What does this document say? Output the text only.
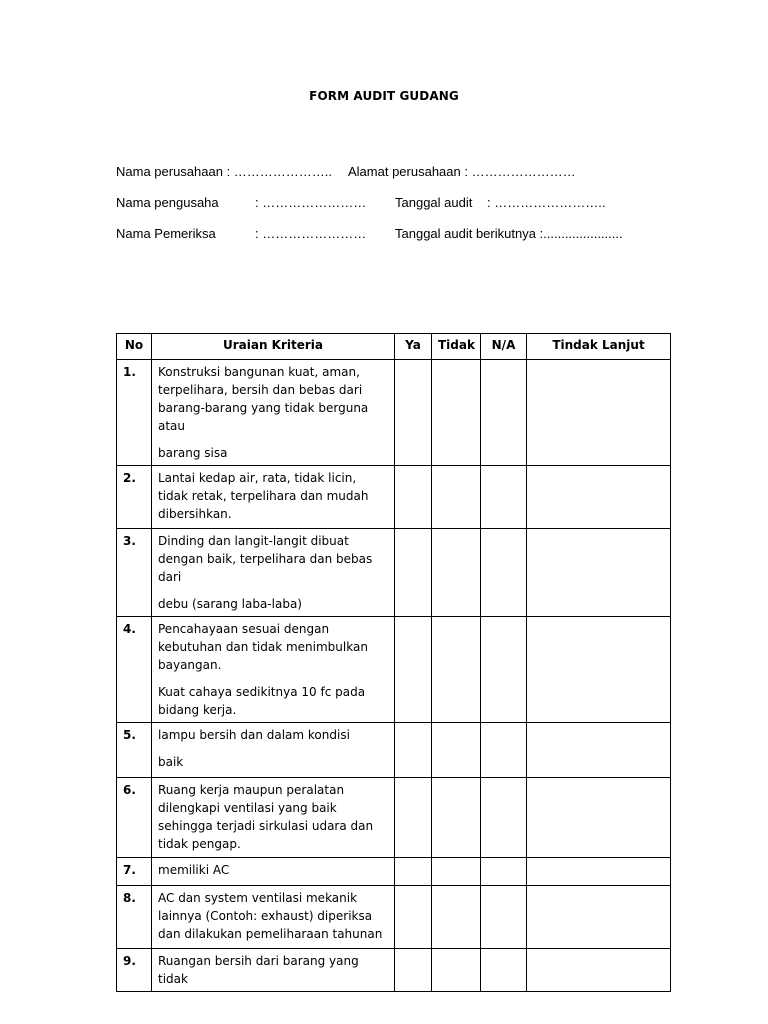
FORM AUDIT GUDANG
Nama perusahaan : ………………….. Alamat perusahaan : ……………………
Nama pengusaha	: …………………… Tanggal audit : ……………………..
Nama Pemeriksa	: …………………… Tanggal audit berikutnya :......................
No	Uraian Kriteria	Ya	Tidak	N/A	Tindak Lanjut
1.	Konstruksi bangunan kuat, aman, terpelihara, bersih dan bebas dari barang-barang yang tidak berguna atau

barang sisa				

2.	Lantai kedap air, rata, tidak licin, tidak retak, terpelihara dan mudah dibersihkan.				

3.	Dinding dan langit-langit dibuat dengan baik, terpelihara dan bebas dari

debu (sarang laba-laba)				

4.	Pencahayaan sesuai dengan kebutuhan dan tidak menimbulkan bayangan.

Kuat cahaya sedikitnya 10 fc pada bidang kerja.				

5.	lampu bersih dan dalam kondisi

baik				

6.	Ruang kerja maupun peralatan dilengkapi ventilasi yang baik sehingga terjadi sirkulasi udara dan tidak pengap.				

7.	memiliki AC				

8.	AC dan system ventilasi mekanik lainnya (Contoh: exhaust) diperiksa dan dilakukan pemeliharaan tahunan				

9.	Ruangan bersih dari barang yang tidak				
